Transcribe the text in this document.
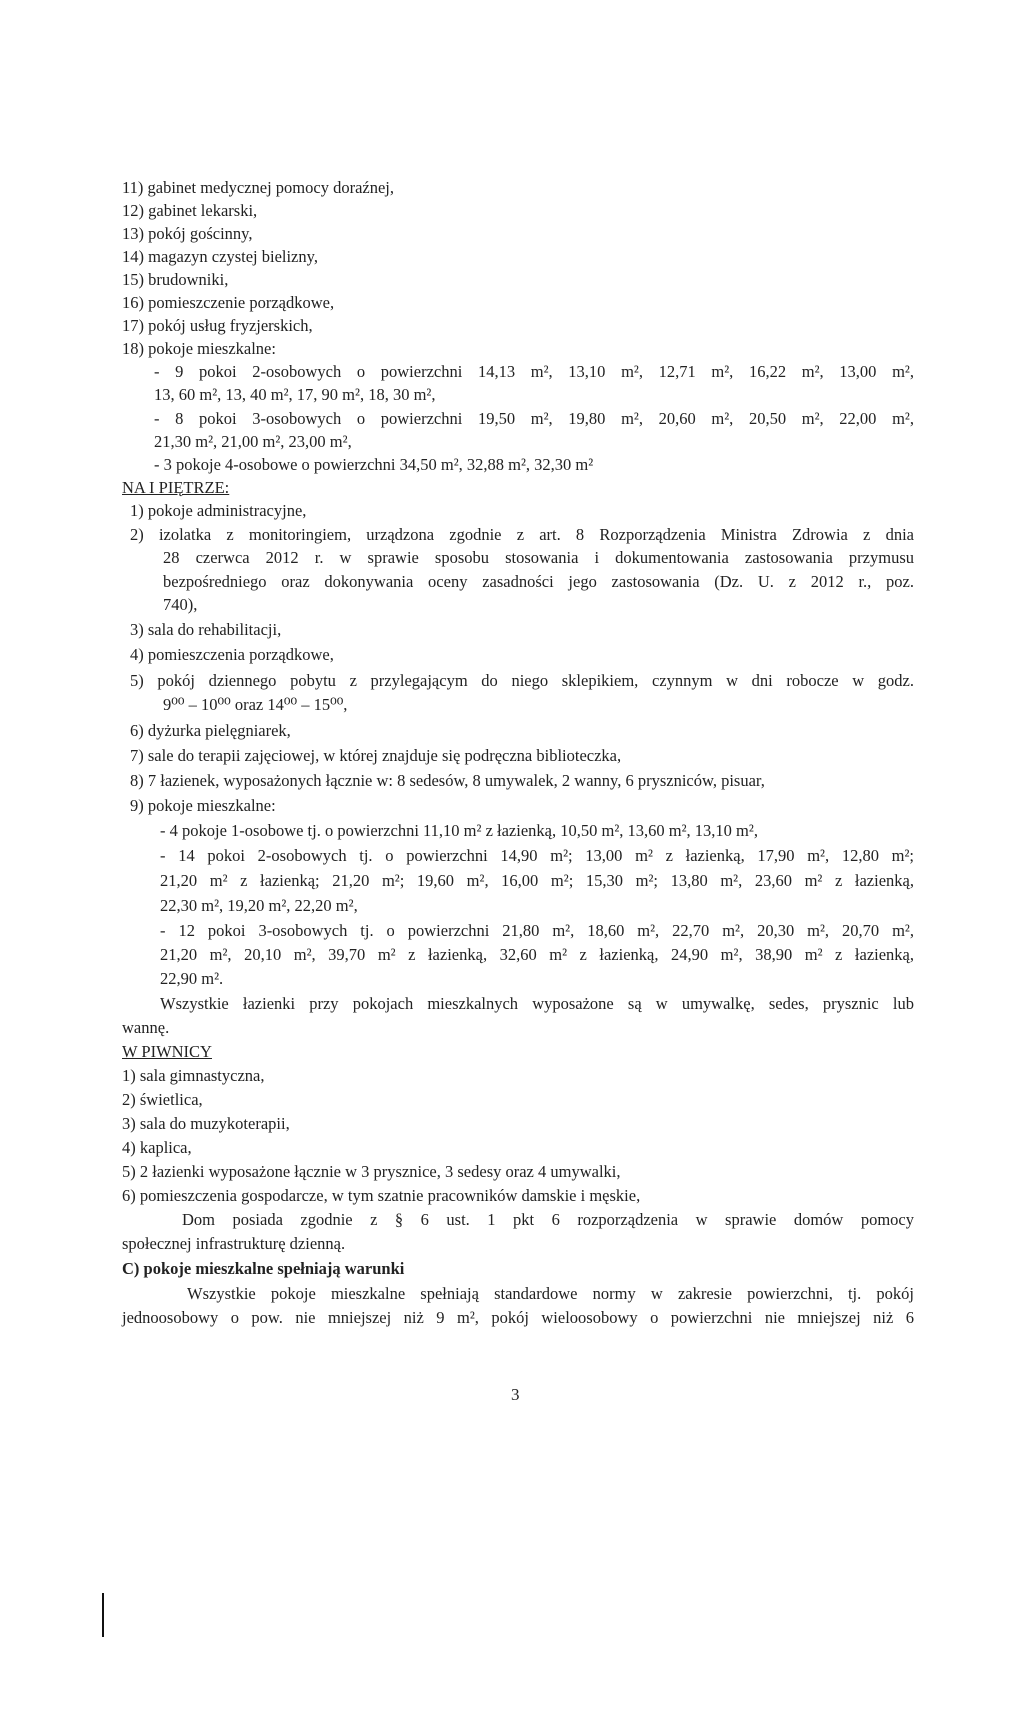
11) gabinet medycznej pomocy doraźnej,
12) gabinet lekarski,
13) pokój gościnny,
14) magazyn czystej bielizny,
15) brudowniki,
16) pomieszczenie porządkowe,
17) pokój usług fryzjerskich,
18) pokoje mieszkalne:
- 9 pokoi 2-osobowych o powierzchni 14,13 m², 13,10 m², 12,71 m², 16,22 m², 13,00 m²,
13, 60 m², 13, 40 m², 17, 90 m², 18, 30 m²,
- 8 pokoi 3-osobowych o powierzchni 19,50 m², 19,80 m², 20,60 m², 20,50 m², 22,00 m²,
21,30 m², 21,00 m², 23,00 m²,
- 3 pokoje 4-osobowe o powierzchni 34,50 m², 32,88 m², 32,30 m²
NA I PIĘTRZE:
1) pokoje administracyjne,
2) izolatka z monitoringiem, urządzona zgodnie z art. 8 Rozporządzenia Ministra Zdrowia z dnia
28 czerwca 2012 r. w sprawie sposobu stosowania i dokumentowania zastosowania przymusu
bezpośredniego oraz dokonywania oceny zasadności jego zastosowania (Dz. U. z 2012 r., poz.
740),
3) sala do rehabilitacji,
4) pomieszczenia porządkowe,
5) pokój dziennego pobytu z przylegającym do niego sklepikiem, czynnym w dni robocze w godz.
9⁰⁰ – 10⁰⁰ oraz 14⁰⁰ – 15⁰⁰,
6) dyżurka pielęgniarek,
7) sale do terapii zajęciowej, w której znajduje się podręczna biblioteczka,
8) 7 łazienek, wyposażonych łącznie w: 8 sedesów, 8 umywalek, 2 wanny, 6 pryszniców, pisuar,
9) pokoje mieszkalne:
- 4 pokoje 1-osobowe tj. o powierzchni 11,10 m² z łazienką, 10,50 m², 13,60 m², 13,10 m²,
- 14 pokoi 2-osobowych tj. o powierzchni 14,90 m²; 13,00 m² z łazienką, 17,90 m², 12,80 m²;
21,20 m² z łazienką; 21,20 m²; 19,60 m², 16,00 m²; 15,30 m²; 13,80 m², 23,60 m² z łazienką,
22,30 m², 19,20 m², 22,20 m²,
- 12 pokoi 3-osobowych tj. o powierzchni 21,80 m², 18,60 m², 22,70 m², 20,30 m², 20,70 m²,
21,20 m², 20,10 m², 39,70 m² z łazienką, 32,60 m² z łazienką, 24,90 m², 38,90 m² z łazienką,
22,90 m².
Wszystkie łazienki przy pokojach mieszkalnych wyposażone są w umywalkę, sedes, prysznic lub
wannę.
W PIWNICY
1) sala gimnastyczna,
2) świetlica,
3) sala do muzykoterapii,
4) kaplica,
5) 2 łazienki wyposażone łącznie w 3 prysznice, 3 sedesy oraz 4 umywalki,
6) pomieszczenia gospodarcze, w tym szatnie pracowników damskie i męskie,
Dom posiada zgodnie z § 6 ust. 1 pkt 6 rozporządzenia w sprawie domów pomocy
społecznej infrastrukturę dzienną.
C) pokoje mieszkalne spełniają warunki
Wszystkie pokoje mieszkalne spełniają standardowe normy w zakresie powierzchni, tj. pokój
jednoosobowy o pow. nie mniejszej niż 9 m², pokój wieloosobowy o powierzchni nie mniejszej niż 6
3
